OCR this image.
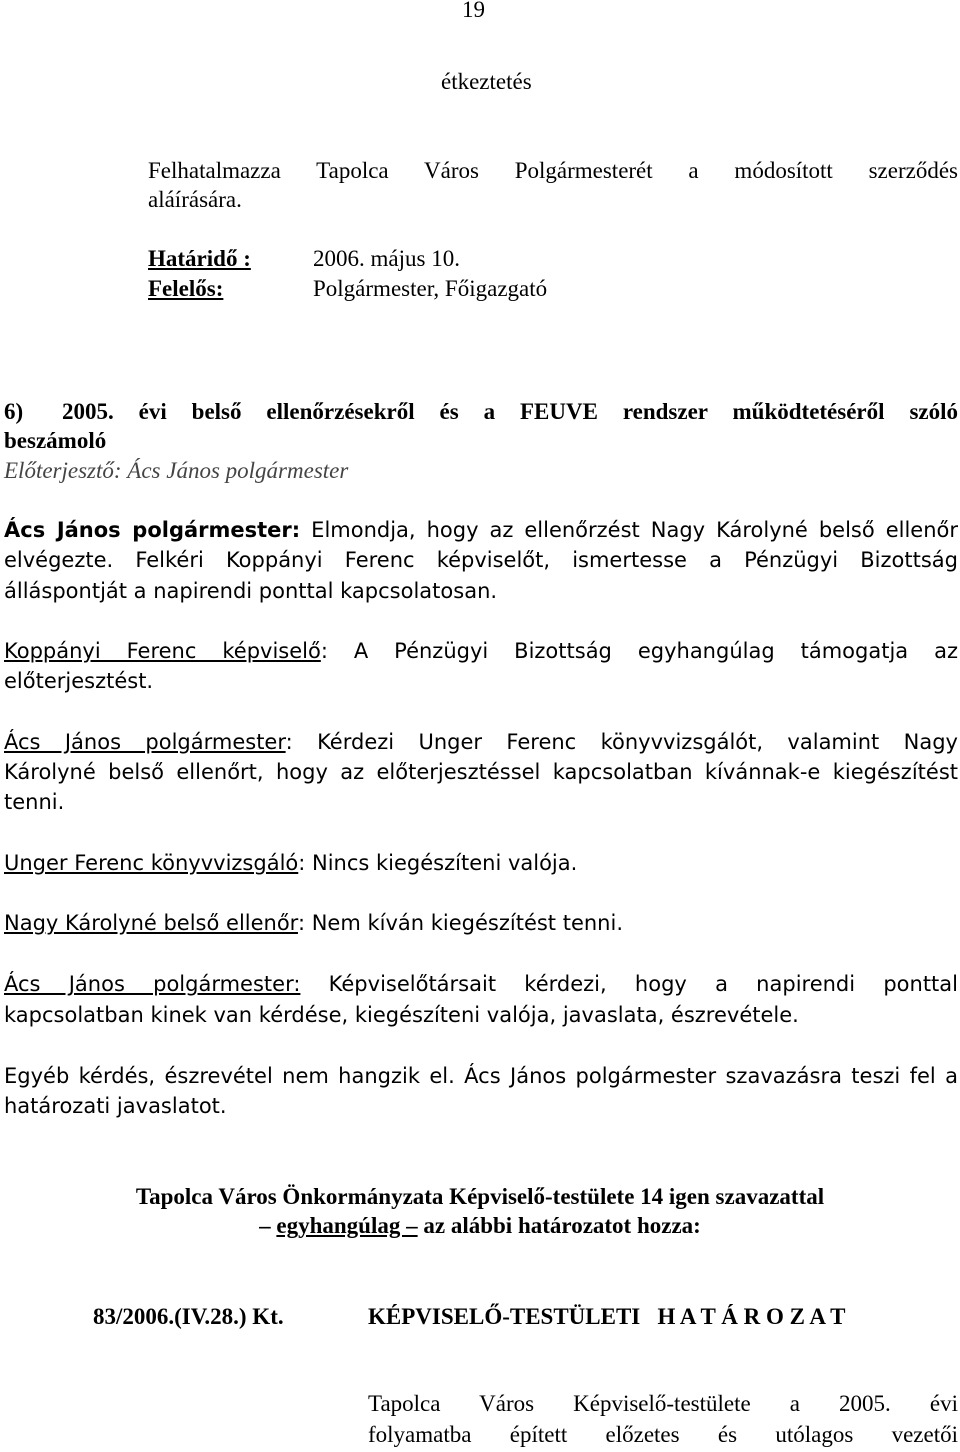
19
étkeztetés
Felhatalmazza Tapolca Város Polgármesterét a módosított szerződés
aláírására.
Határidő :	2006. május 10.
Felelős:	Polgármester, Főigazgató
6) 2005. évi belső ellenőrzésekről és a FEUVE rendszer működtetéséről szóló
beszámoló
Előterjesztő: Ács János polgármester
Ács János polgármester: Elmondja, hogy az ellenőrzést Nagy Károlyné belső ellenőr
elvégezte. Felkéri Koppányi Ferenc képviselőt, ismertesse a Pénzügyi Bizottság
álláspontját a napirendi ponttal kapcsolatosan.
Koppányi Ferenc képviselő: A Pénzügyi Bizottság egyhangúlag támogatja az
előterjesztést.
Ács János polgármester: Kérdezi Unger Ferenc könyvvizsgálót, valamint Nagy
Károlyné belső ellenőrt, hogy az előterjesztéssel kapcsolatban kívánnak-e kiegészítést
tenni.
Unger Ferenc könyvvizsgáló: Nincs kiegészíteni valója.
Nagy Károlyné belső ellenőr: Nem kíván kiegészítést tenni.
Ács János polgármester: Képviselőtársait kérdezi, hogy a napirendi ponttal
kapcsolatban kinek van kérdése, kiegészíteni valója, javaslata, észrevétele.
Egyéb kérdés, észrevétel nem hangzik el. Ács János polgármester szavazásra teszi fel a
határozati javaslatot.
Tapolca Város Önkormányzata Képviselő-testülete 14 igen szavazattal
– egyhangúlag – az alábbi határozatot hozza:
83/2006.(IV.28.) Kt.	KÉPVISELŐ-TESTÜLETI   H A T Á R O Z A T
Tapolca Város Képviselő-testülete a 2005. évi
folyamatba épített előzetes és utólagos vezetői
